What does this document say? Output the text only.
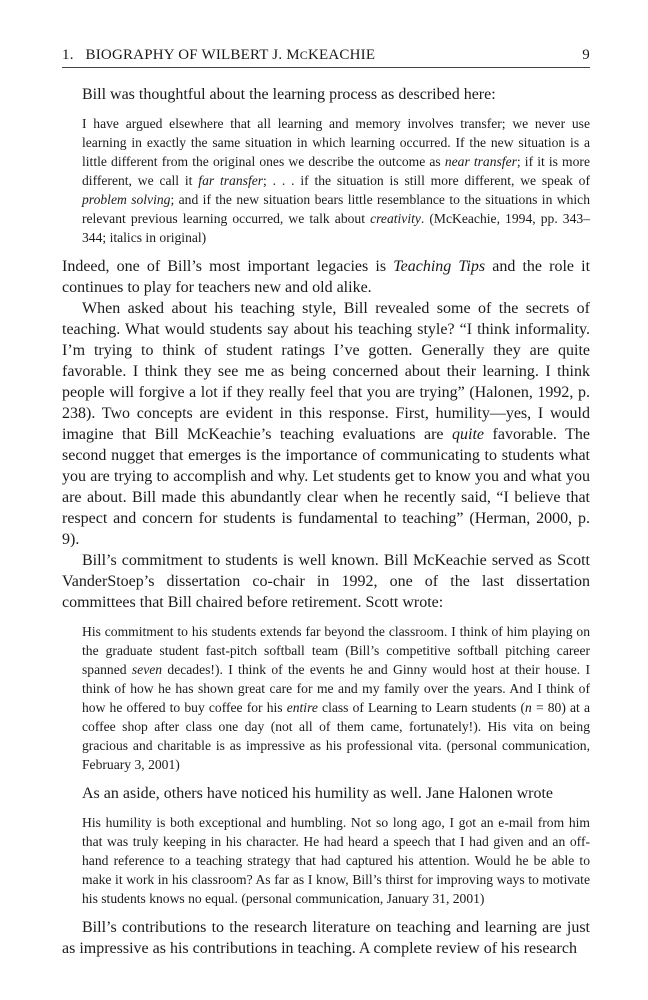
1. BIOGRAPHY OF WILBERT J. MCKEACHIE	9

Bill was thoughtful about the learning process as described here:

I have argued elsewhere that all learning and memory involves transfer; we never use learning in exactly the same situation in which learning occurred. If the new situation is a little different from the original ones we describe the outcome as near transfer; if it is more different, we call it far transfer; . . . if the situation is still more different, we speak of problem solving; and if the new situation bears little resemblance to the situations in which relevant previous learning occurred, we talk about creativity. (McKeachie, 1994, pp. 343–344; italics in original)

Indeed, one of Bill’s most important legacies is Teaching Tips and the role it continues to play for teachers new and old alike.

When asked about his teaching style, Bill revealed some of the secrets of teaching. What would students say about his teaching style? “I think informality. I’m trying to think of student ratings I’ve gotten. Generally they are quite favorable. I think they see me as being concerned about their learning. I think people will forgive a lot if they really feel that you are trying” (Halonen, 1992, p. 238). Two concepts are evident in this response. First, humility—yes, I would imagine that Bill McKeachie’s teaching evaluations are quite favorable. The second nugget that emerges is the importance of communicating to students what you are trying to accomplish and why. Let students get to know you and what you are about. Bill made this abundantly clear when he recently said, “I believe that respect and concern for students is fundamental to teaching” (Herman, 2000, p. 9).

Bill’s commitment to students is well known. Bill McKeachie served as Scott VanderStoep’s dissertation co-chair in 1992, one of the last dissertation committees that Bill chaired before retirement. Scott wrote:

His commitment to his students extends far beyond the classroom. I think of him playing on the graduate student fast-pitch softball team (Bill’s competitive softball pitching career spanned seven decades!). I think of the events he and Ginny would host at their house. I think of how he has shown great care for me and my family over the years. And I think of how he offered to buy coffee for his entire class of Learning to Learn students (n = 80) at a coffee shop after class one day (not all of them came, fortunately!). His vita on being gracious and charitable is as impressive as his professional vita. (personal communication, February 3, 2001)

As an aside, others have noticed his humility as well. Jane Halonen wrote

His humility is both exceptional and humbling. Not so long ago, I got an e-mail from him that was truly keeping in his character. He had heard a speech that I had given and an off-hand reference to a teaching strategy that had captured his attention. Would he be able to make it work in his classroom? As far as I know, Bill’s thirst for improving ways to motivate his students knows no equal. (personal communication, January 31, 2001)

Bill’s contributions to the research literature on teaching and learning are just as impressive as his contributions in teaching. A complete review of his research
